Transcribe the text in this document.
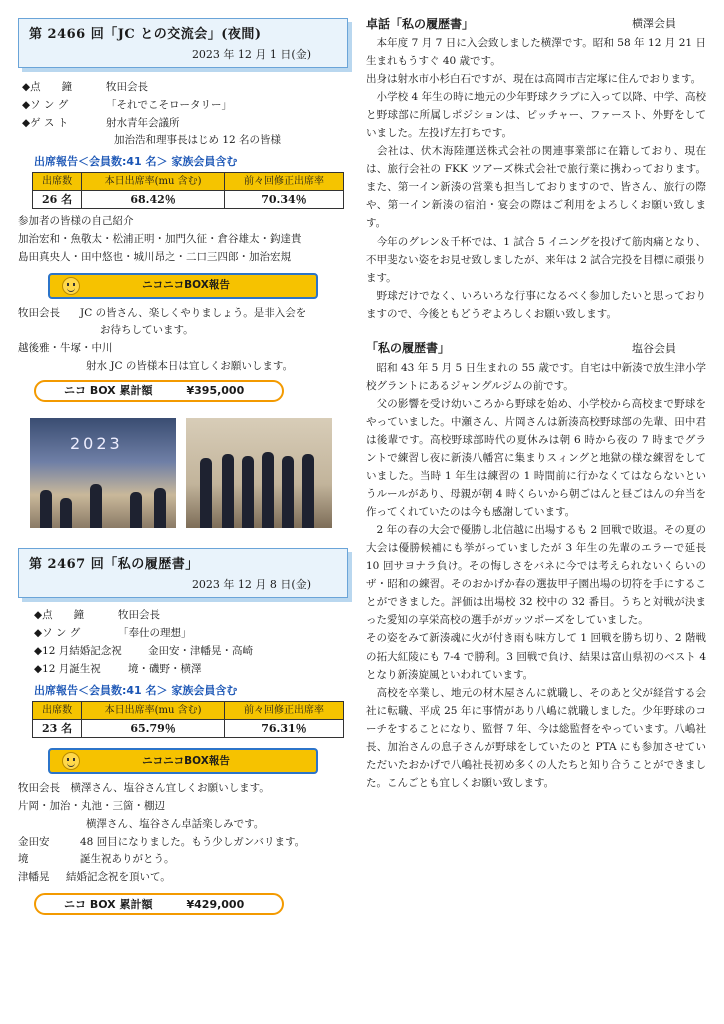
第 2466 回「JC との交流会」(夜間)
2023 年 12 月 1 日(金)
◆点　　鐘	牧田会長
◆ソ ン グ	「それでこそロータリー」
◆ゲ ス ト	射水青年会議所
加治浩和理事長はじめ 12 名の皆様
出席報告＜会員数:41 名＞ 家族会員含む
出席数	本日出席率(mu 含む)	前々回修正出席率
26 名	68.42％	70.34％
参加者の皆様の自己紹介
加治宏和・魚敬太・松浦正明・加門久征・倉谷雄太・鈎達貴
島田真央人・田中悠也・城川昂之・二口三四郎・加治宏規
ニコニコBOX報告
牧田会長	JC の皆さん、楽しくやりましょう。是非入会を
お待ちしています。
越後雅・牛塚・中川
射水 JC の皆様本日は宜しくお願いします。
ニコ BOX 累計額	¥395,000
2023
第 2467 回「私の履歴書」
2023 年 12 月 8 日(金)
◆点　　鐘	牧田会長
◆ソ ン グ	「奉仕の理想」
◆12 月結婚記念祝	金田安・津幡晃・高崎
◆12 月誕生祝	境・磯野・横澤
出席報告＜会員数:41 名＞ 家族会員含む
出席数	本日出席率(mu 含む)	前々回修正出席率
23 名	65.79％	76.31％
ニコニコBOX報告
牧田会長　横澤さん、塩谷さん宜しくお願いします。
片岡・加治・丸池・三箇・棚辺
横澤さん、塩谷さん卓話楽しみです。
金田安	48 回目になりました。もう少しガンバリます。
境	誕生祝ありがとう。
津幡晃	結婚記念祝を頂いて。
ニコ BOX 累計額	¥429,000
卓話「私の履歴書」	横澤会員
　本年度 7 月 7 日に入会致しました横澤です。昭和 58 年 12 月 21 日生まれもうすぐ 40 歳です。
出身は射水市小杉白石ですが、現在は高岡市吉定塚に住んでおります。
　小学校 4 年生の時に地元の少年野球クラブに入って以降、中学、高校と野球部に所属しポジションは、ピッチャー、ファースト、外野をしていました。左投げ左打ちです。
　会社は、伏木海陸運送株式会社の関連事業部に在籍しており、現在は、旅行会社の FKK ツアーズ株式会社で旅行業に携わっております。また、第一イン新湊の営業も担当しておりますので、皆さん、旅行の際や、第一イン新湊の宿泊・宴会の際はご利用をよろしくお願い致します。
　今年のグレン＆千杯では、1 試合 5 イニングを投げて筋肉痛となり、不甲斐ない姿をお見せ致しましたが、来年は 2 試合完投を目標に頑張ります。
　野球だけでなく、いろいろな行事になるべく参加したいと思っておりますので、今後ともどうぞよろしくお願い致します。
「私の履歴書」	塩谷会員
　昭和 43 年 5 月 5 日生まれの 55 歳です。自宅は中新湊で放生津小学校グラントにあるジャングルジムの前です。
　父の影響を受け幼いころから野球を始め、小学校から高校まで野球をやっていました。中瀬さん、片岡さんは新湊高校野球部の先輩、田中君は後輩です。高校野球部時代の夏休みは朝 6 時から夜の 7 時までグラントで練習し夜に新湊八幡宮に集まりスィングと地獄の様な練習をしていました。当時 1 年生は練習の 1 時間前に行かなくてはならないというルールがあり、母親が朝 4 時くらいから朝ごはんと昼ごはんの弁当を作ってくれていたのは今も感謝しています。
　2 年の春の大会で優勝し北信越に出場するも 2 回戦で敗退。その夏の大会は優勝候補にも挙がっていましたが 3 年生の先輩のエラーで延長 10 回サヨナラ負け。その悔しさをバネに今では考えられないくらいのザ・昭和の練習。そのおかげか春の選抜甲子園出場の切符を手にすることができました。評価は出場校 32 校中の 32 番目。うちと対戦が決まった愛知の享栄高校の選手がガッツポーズをしていました。
その姿をみて新湊魂に火が付き雨も味方して 1 回戦を勝ち切り、2 階戦の拓大紅陵にも 7-4 で勝利。3 回戦で負け、結果は富山県初のベスト 4 となり新湊旋風といわれています。
　高校を卒業し、地元の材木屋さんに就職し、そのあと父が経営する会社に転職、平成 25 年に事情があり八嶋に就職しました。少年野球のコーチをすることになり、監督 7 年、今は総監督をやっています。八嶋社長、加治さんの息子さんが野球をしていたのと PTA にも参加させていただいたおかげで八嶋社長初め多くの人たちと知り合うことができました。こんごとも宜しくお願い致します。
